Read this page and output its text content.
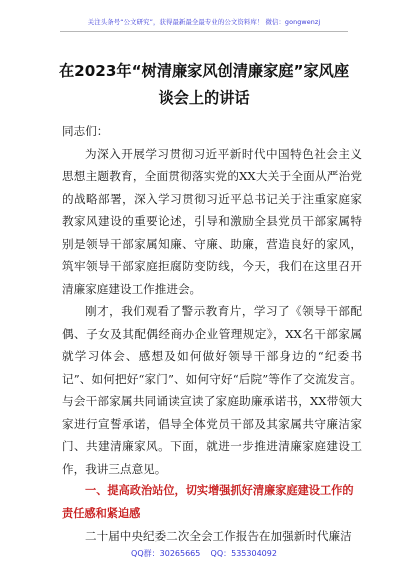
关注头条号“公文研究”，获得最新最全最专业的公文资料库！ 微信：gongwenzj
在2023年“树清廉家风创清廉家庭”家风座谈会上的讲话

同志们：

为深入开展学习贯彻习近平新时代中国特色社会主义思想主题教育，全面贯彻落实党的XX大关于全面从严治党的战略部署，深入学习贯彻习近平总书记关于注重家庭家教家风建设的重要论述，引导和激励全县党员干部家属特别是领导干部家属知廉、守廉、助廉，营造良好的家风，筑牢领导干部家庭拒腐防变防线，今天，我们在这里召开清廉家庭建设工作推进会。

刚才，我们观看了警示教育片，学习了《领导干部配偶、子女及其配偶经商办企业管理规定》，XX名干部家属就学习体会、感想及如何做好领导干部身边的“纪委书记”、如何把好“家门”、如何守好“后院”等作了交流发言。与会干部家属共同诵读宣读了家庭助廉承诺书，XX带领大家进行宣誓承诺，倡导全体党员干部及其家属共守廉洁家门、共建清廉家风。下面，就进一步推进清廉家庭建设工作，我讲三点意见。

一、提高政治站位，切实增强抓好清廉家庭建设工作的责任感和紧迫感

二十届中央纪委二次全会工作报告在加强新时代廉洁

QQ群：30265665    QQ：535304092
